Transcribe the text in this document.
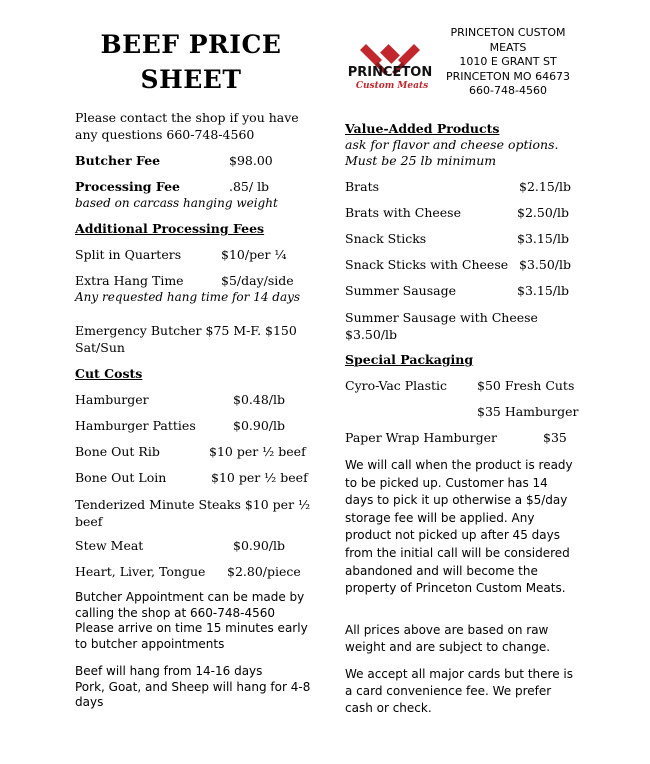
BEEF PRICE
SHEET	PRINCETON
Custom Meats
PRINCETON CUSTOM
MEATS
1010 E GRANT ST
PRINCETON MO 64673
660-748-4560
Please contact the shop if you have any questions 660-748-4560
Butcher Fee	$98.00
Processing Fee	.85/ lb
based on carcass hanging weight
Additional Processing Fees
Split in Quarters	$10/per ¼
Extra Hang Time	$5/day/side
Any requested hang time for 14 days
Emergency Butcher $75 M-F. $150 Sat/Sun
Cut Costs
Hamburger	$0.48/lb
Hamburger Patties	$0.90/lb
Bone Out Rib	$10 per ½ beef
Bone Out Loin	$10 per ½ beef
Tenderized Minute Steaks $10 per ½ beef
Stew Meat	$0.90/lb
Heart, Liver, Tongue $2.80/piece
Butcher Appointment can be made by calling the shop at 660-748-4560 Please arrive on time 15 minutes early to butcher appointments
Beef will hang from 14-16 days
Pork, Goat, and Sheep will hang for 4-8 days
Value-Added Products
ask for flavor and cheese options. Must be 25 lb minimum
Brats	$2.15/lb
Brats with Cheese	$2.50/lb
Snack Sticks	$3.15/lb
Snack Sticks with Cheese $3.50/lb
Summer Sausage	$3.15/lb
Summer Sausage with Cheese $3.50/lb
Special Packaging
Cyro-Vac Plastic $50 Fresh Cuts
$35 Hamburger
Paper Wrap Hamburger	$35
We will call when the product is ready to be picked up. Customer has 14 days to pick it up otherwise a $5/day storage fee will be applied. Any product not picked up after 45 days from the initial call will be considered abandoned and will become the property of Princeton Custom Meats.
All prices above are based on raw weight and are subject to change.
We accept all major cards but there is a card convenience fee. We prefer cash or check.
